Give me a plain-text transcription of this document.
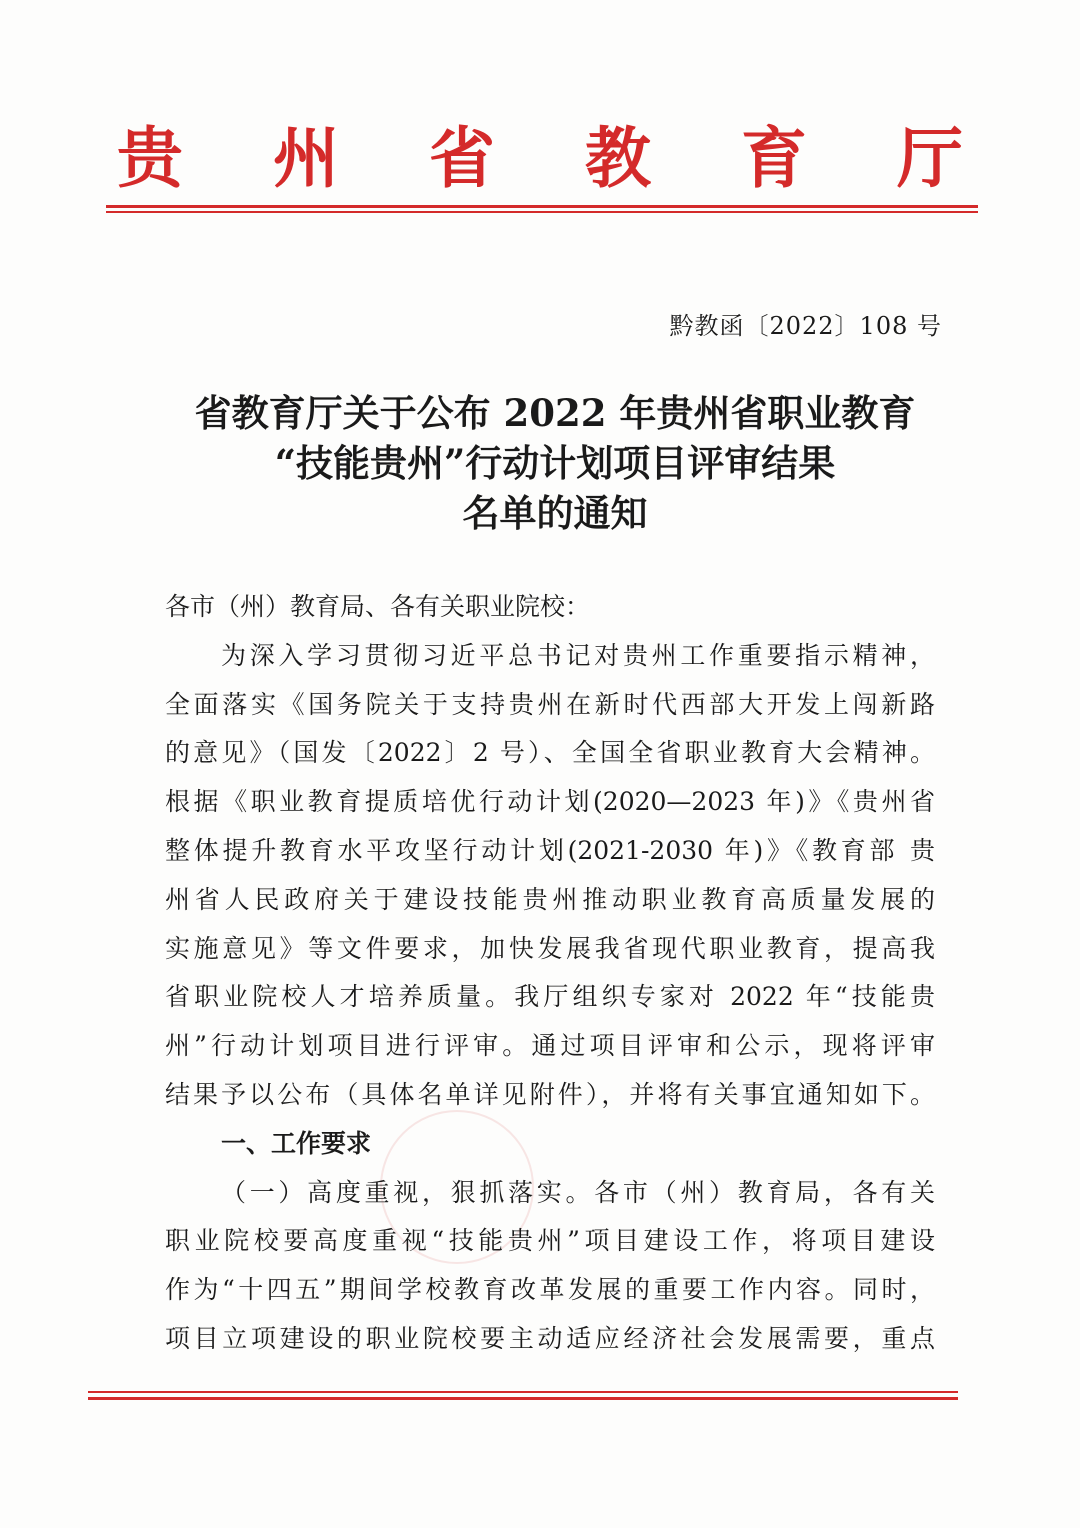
贵 州 省 教 育 厅
黔教函〔2022〕108 号
省教育厅关于公布 2022 年贵州省职业教育
“技能贵州”行动计划项目评审结果
名单的通知
各市（州）教育局、各有关职业院校：
为深入学习贯彻习近平总书记对贵州工作重要指示精神，
全面落实《国务院关于支持贵州在新时代西部大开发上闯新路
的意见》（国发〔2022〕2 号）、全国全省职业教育大会精神。
根据《职业教育提质培优行动计划(2020—2023 年)》《贵州省
整体提升教育水平攻坚行动计划(2021-2030 年)》《教育部 贵
州省人民政府关于建设技能贵州推动职业教育高质量发展的
实施意见》等文件要求，加快发展我省现代职业教育，提高我
省职业院校人才培养质量。我厅组织专家对 2022 年“技能贵
州”行动计划项目进行评审。通过项目评审和公示，现将评审
结果予以公布（具体名单详见附件），并将有关事宜通知如下。
一、工作要求
（一）高度重视，狠抓落实。各市（州）教育局，各有关
职业院校要高度重视“技能贵州”项目建设工作，将项目建设
作为“十四五”期间学校教育改革发展的重要工作内容。同时，
项目立项建设的职业院校要主动适应经济社会发展需要，重点
